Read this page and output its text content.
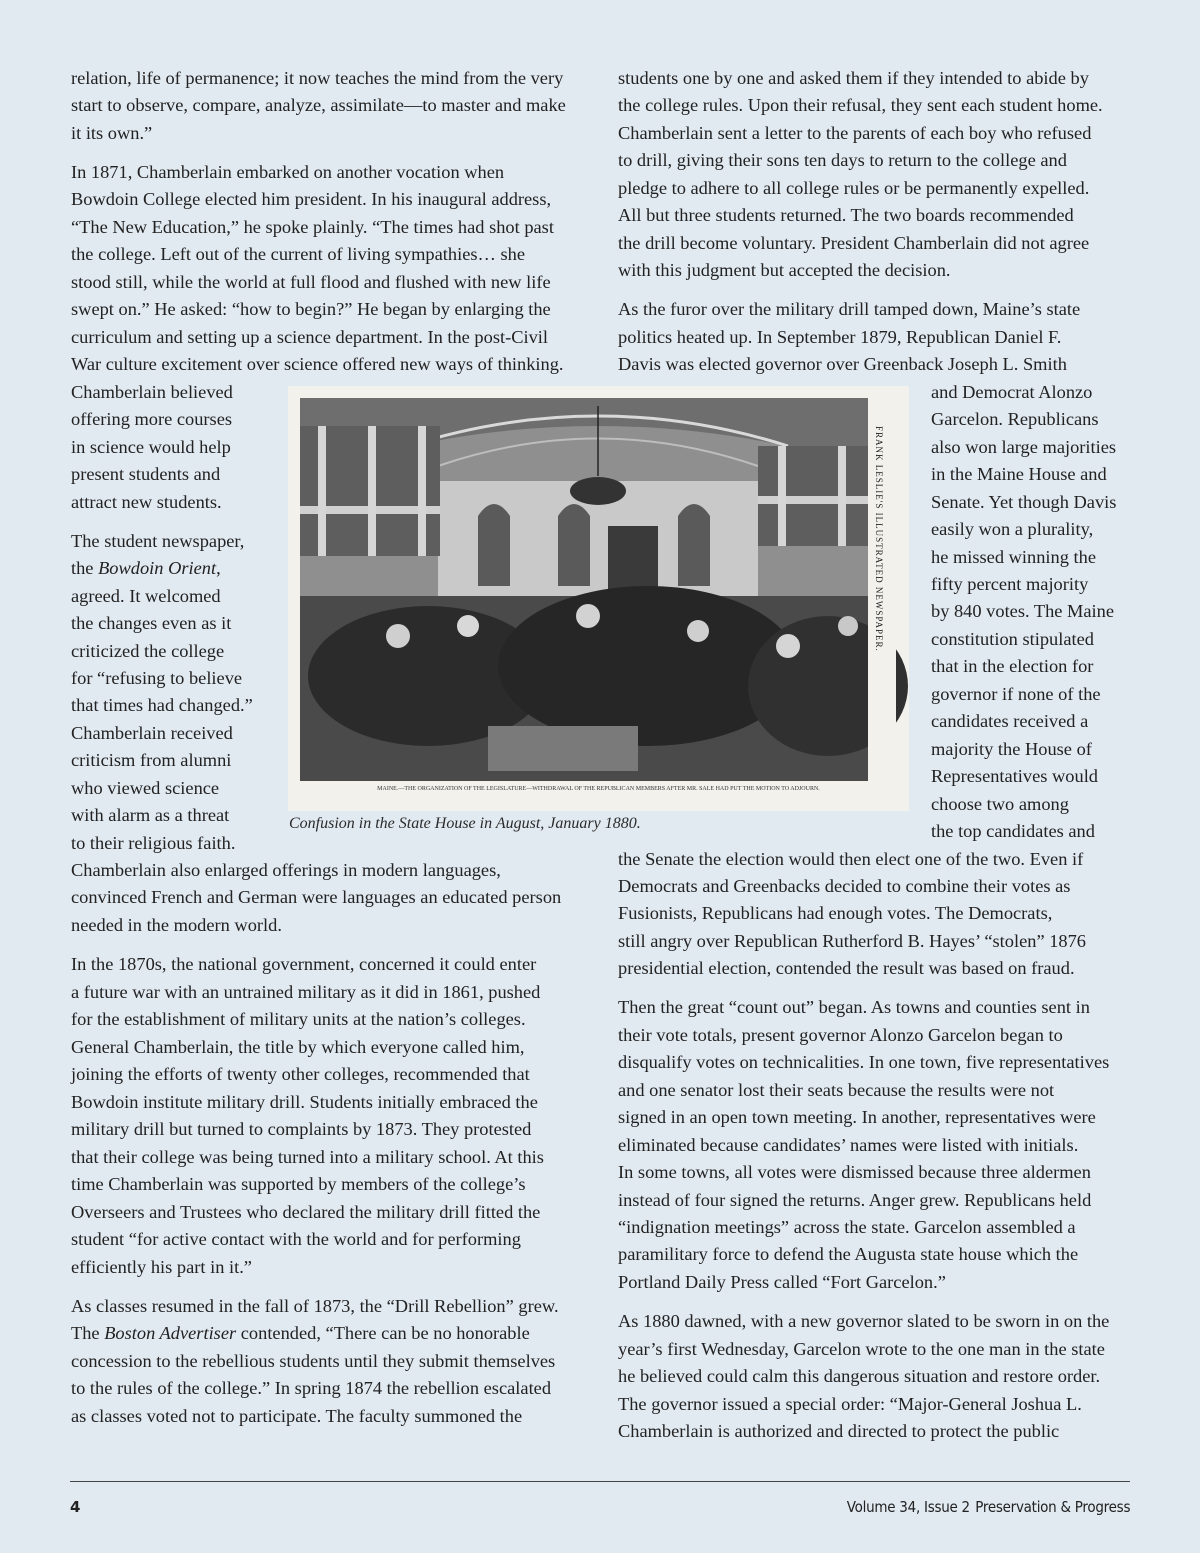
relation, life of permanence; it now teaches the mind from the very
start to observe, compare, analyze, assimilate—to master and make
it its own.”
In 1871, Chamberlain embarked on another vocation when
Bowdoin College elected him president. In his inaugural address,
“The New Education,” he spoke plainly. “The times had shot past
the college. Left out of the current of living sympathies… she
stood still, while the world at full flood and flushed with new life
swept on.” He asked: “how to begin?” He began by enlarging the
curriculum and setting up a science department. In the post-Civil
War culture excitement over science offered new ways of thinking.
Chamberlain believed
offering more courses
in science would help
present students and
attract new students.
The student newspaper,
the Bowdoin Orient,
agreed. It welcomed
the changes even as it
criticized the college
for “refusing to believe
that times had changed.”
Chamberlain received
criticism from alumni
who viewed science
with alarm as a threat
to their religious faith.
Chamberlain also enlarged offerings in modern languages,
convinced French and German were languages an educated person
needed in the modern world.
In the 1870s, the national government, concerned it could enter
a future war with an untrained military as it did in 1861, pushed
for the establishment of military units at the nation’s colleges.
General Chamberlain, the title by which everyone called him,
joining the efforts of twenty other colleges, recommended that
Bowdoin institute military drill. Students initially embraced the
military drill but turned to complaints by 1873. They protested
that their college was being turned into a military school. At this
time Chamberlain was supported by members of the college’s
Overseers and Trustees who declared the military drill fitted the
student “for active contact with the world and for performing
efficiently his part in it.”
As classes resumed in the fall of 1873, the “Drill Rebellion” grew.
The Boston Advertiser contended, “There can be no honorable
concession to the rebellious students until they submit themselves
to the rules of the college.” In spring 1874 the rebellion escalated
as classes voted not to participate. The faculty summoned the
students one by one and asked them if they intended to abide by
the college rules. Upon their refusal, they sent each student home.
Chamberlain sent a letter to the parents of each boy who refused
to drill, giving their sons ten days to return to the college and
pledge to adhere to all college rules or be permanently expelled.
All but three students returned. The two boards recommended
the drill become voluntary. President Chamberlain did not agree
with this judgment but accepted the decision.
As the furor over the military drill tamped down, Maine’s state
politics heated up. In September 1879, Republican Daniel F.
Davis was elected governor over Greenback Joseph L. Smith
and Democrat Alonzo
Garcelon. Republicans
also won large majorities
in the Maine House and
Senate. Yet though Davis
easily won a plurality,
he missed winning the
fifty percent majority
by 840 votes. The Maine
constitution stipulated
that in the election for
governor if none of the
candidates received a
majority the House of
Representatives would
choose two among
the top candidates and
the Senate the election would then elect one of the two. Even if
Democrats and Greenbacks decided to combine their votes as
Fusionists, Republicans had enough votes. The Democrats,
still angry over Republican Rutherford B. Hayes’ “stolen” 1876
presidential election, contended the result was based on fraud.
Then the great “count out” began. As towns and counties sent in
their vote totals, present governor Alonzo Garcelon began to
disqualify votes on technicalities. In one town, five representatives
and one senator lost their seats because the results were not
signed in an open town meeting. In another, representatives were
eliminated because candidates’ names were listed with initials.
In some towns, all votes were dismissed because three aldermen
instead of four signed the returns. Anger grew. Republicans held
“indignation meetings” across the state. Garcelon assembled a
paramilitary force to defend the Augusta state house which the
Portland Daily Press called “Fort Garcelon.”
As 1880 dawned, with a new governor slated to be sworn in on the
year’s first Wednesday, Garcelon wrote to the one man in the state
he believed could calm this dangerous situation and restore order.
The governor issued a special order: “Major-General Joshua L.
Chamberlain is authorized and directed to protect the public
FRANK LESLIE'S ILLUSTRATED NEWSPAPER.
MAINE.—THE ORGANIZATION OF THE LEGISLATURE—WITHDRAWAL OF THE REPUBLICAN MEMBERS AFTER MR. SALE HAD PUT THE MOTION TO ADJOURN.
Confusion in the State House in August, January 1880.
4	Volume 34, Issue 2 Preservation & Progress
